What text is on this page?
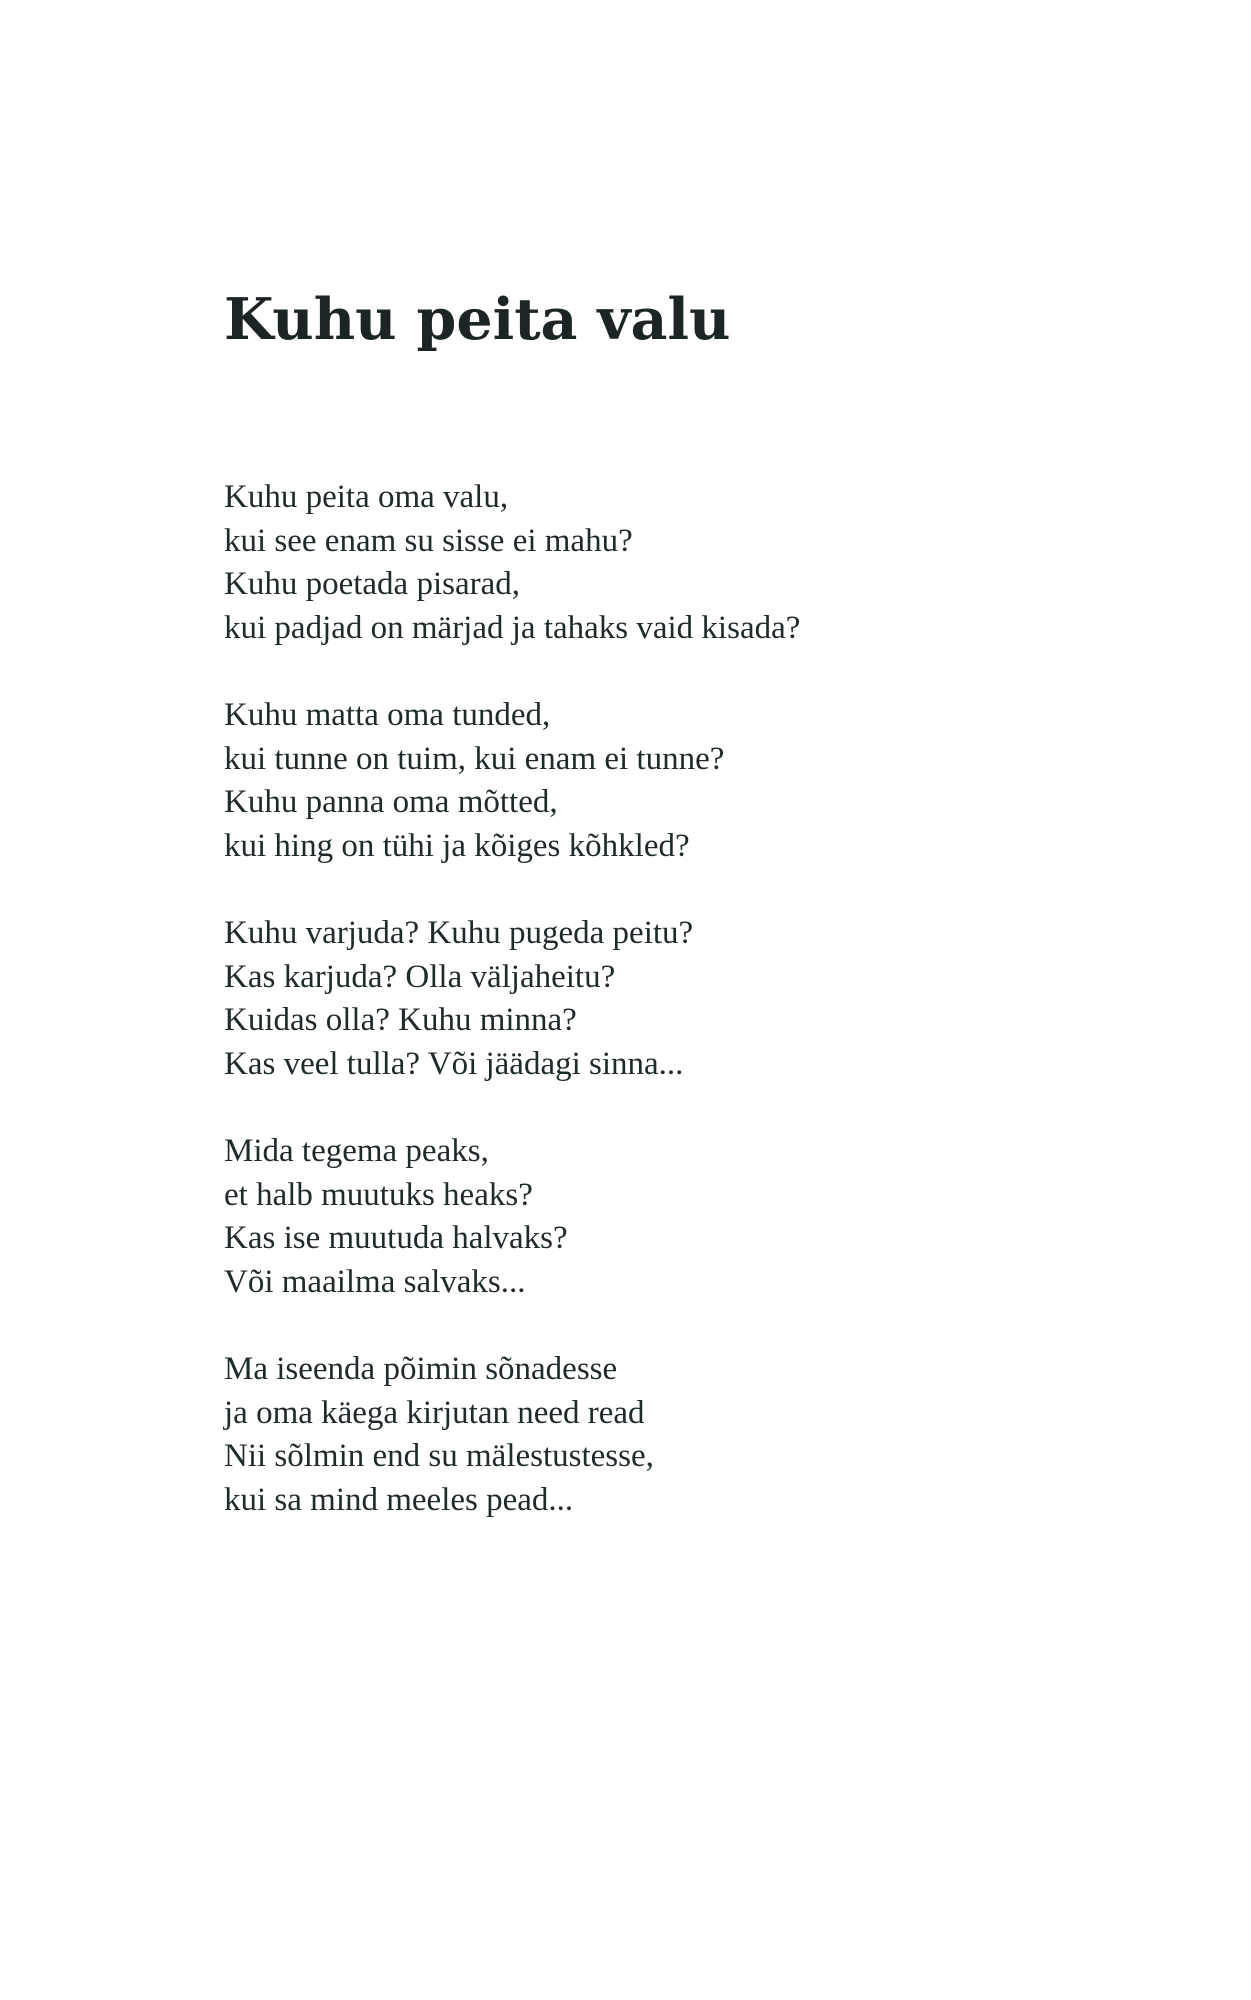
Kuhu peita valu

Kuhu peita oma valu,
kui see enam su sisse ei mahu?
Kuhu poetada pisarad,
kui padjad on märjad ja tahaks vaid kisada?

Kuhu matta oma tunded,
kui tunne on tuim, kui enam ei tunne?
Kuhu panna oma mõtted,
kui hing on tühi ja kõiges kõhkled?

Kuhu varjuda? Kuhu pugeda peitu?
Kas karjuda? Olla väljaheitu?
Kuidas olla? Kuhu minna?
Kas veel tulla? Või jäädagi sinna...

Mida tegema peaks,
et halb muutuks heaks?
Kas ise muutuda halvaks?
Või maailma salvaks...

Ma iseenda põimin sõnadesse
ja oma käega kirjutan need read
Nii sõlmin end su mälestustesse,
kui sa mind meeles pead...
